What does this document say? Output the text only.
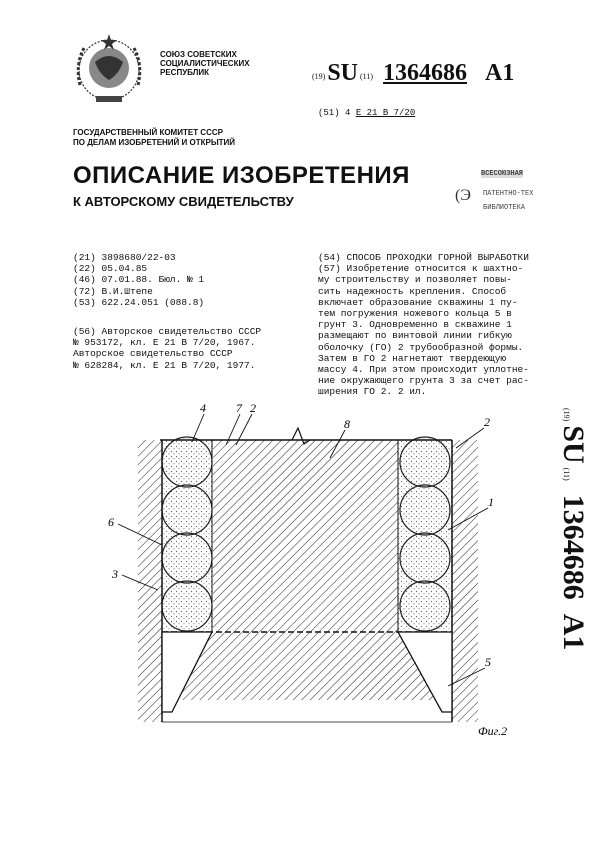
СОЮЗ СОВЕТСКИХ
СОЦИАЛИСТИЧЕСКИХ
РЕСПУБЛИК	(19)SU (11) 1364686 A1
(51) 4 E 21 B 7/20
ГОСУДАРСТВЕННЫЙ КОМИТЕТ СССР
ПО ДЕЛАМ ИЗОБРЕТЕНИЙ И ОТКРЫТИЙ
ОПИСАНИЕ ИЗОБРЕТЕНИЯ
К АВТОРСКОМУ СВИДЕТЕЛЬСТВУ
ВСЕСОЮЗНАЯ
ПАТЕНТНО-ТЕХ
БИБЛИОТЕКА
(Э
(21) 3898680/22-03
(22) 05.04.85
(46) 07.01.88. Бюл. № 1
(72) В.И.Штепе
(53) 622.24.051 (088.8)
(56) Авторское свидетельство СССР
№ 953172, кл. Е 21 В 7/20, 1967.
Авторское свидетельство СССР
№ 628284, кл. Е 21 В 7/20, 1977.
(54) СПОСОБ ПРОХОДКИ ГОРНОЙ ВЫРАБОТКИ
(57) Изобретение относится к шахтно-
му строительству и позволяет повы-
сить надежность крепления. Способ
включает образование скважины 1 пу-
тем погружения ножевого кольца 5 в
грунт 3. Одновременно в скважине 1
размещают по винтовой линии гибкую
оболочку (ГО) 2 трубообразной формы.
Затем в ГО 2 нагнетают твердеющую
массу 4. При этом происходит уплотне-
ние окружающего грунта 3 за счет рас-
ширения ГО 2. 2 ил.
4	7 2
8	2
1
6
3
5
Фиг.2
(19)SU(11)1364686A1
